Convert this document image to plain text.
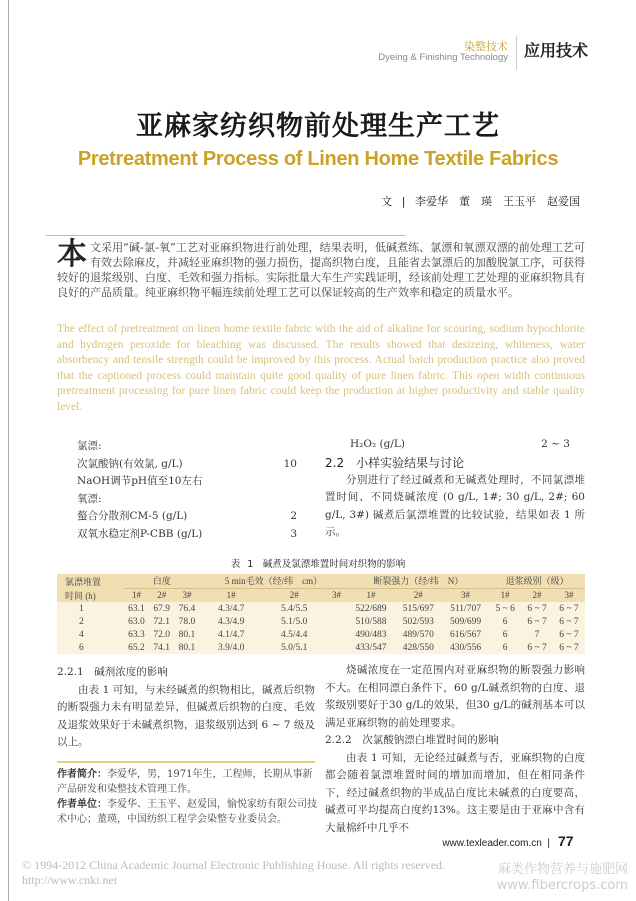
染整技术
Dyeing & Finishing Technology 应用技术
亚麻家纺织物前处理生产工艺
Pretreatment Process of Linen Home Textile Fabrics
文 | 李爱华　董　瑛　王玉平　赵爱国
本文采用“碱-氯-氧”工艺对亚麻织物进行前处理，结果表明，低碱煮练、氯漂和氧漂双漂的前处理工艺可有效去除麻皮，并减轻亚麻织物的强力损伤，提高织物白度，且能省去氯漂后的加酸脱氯工序，可获得较好的退浆级别、白度、毛效和强力指标。实际批量大车生产实践证明，经该前处理工艺处理的亚麻织物具有良好的产品质量。纯亚麻织物平幅连续前处理工艺可以保证较高的生产效率和稳定的质量水平。
The effect of pretreatment on linen home textile fabric with the aid of alkaline for scouring, sodium hypochlorite and hydrogen peroxide for bleaching was discussed. The results showed that desizeing, whiteness, water absorbency and tensile strength could be improved by this process. Actual batch production practice also proved that the captioned process could maintain quite good quality of pure linen fabric. This open width continuous pretreatment processing for pure linen fabric could keep the production at higher productivity and stable quality level.
氯漂:
次氯酸钠(有效氯, g/L)	10
NaOH调节pH值至10左右
氧漂:
螯合分散剂CM-5 (g/L)	2
双氧水稳定剂P-CBB (g/L)	3
H₂O₂ (g/L)	2 ~ 3
2.2　小样实验结果与讨论
分别进行了经过碱煮和无碱煮处理时，不同氯漂堆置时间、不同烧碱浓度 (0 g/L, 1#; 30 g/L, 2#; 60 g/L, 3#) 碱煮后氯漂堆置的比较试验，结果如表 1 所示。
表 1　碱煮及氯漂堆置时间对织物的影响
氯漂堆置	白度			5 min毛效（经/纬　cm）			断裂强力（经/纬　N）			退浆级别（级）		
时间 (h)	1#	2#	3#	1#	2#	3#	1#	2#	3#	1#	2#	3#
1	63.1	67.9	76.4	4.3/4.7	5.4/5.5		522/689	515/697	511/707	5 ~ 6	6 ~ 7	6 ~ 7
2	63.0	72.1	78.0	4.3/4.9	5.1/5.0		510/588	502/593	509/699	6	6 ~ 7	6 ~ 7
4	63.3	72.0	80.1	4.1/4.7	4.5/4.4		490/483	489/570	616/567	6	7	6 ~ 7
6	65.2	74.1	80.1	3.9/4.0	5.0/5.1		433/547	428/550	430/556	6	6 ~ 7	6 ~ 7
2.2.1　碱剂浓度的影响
由表 1 可知，与未经碱煮的织物相比，碱煮后织物的断裂强力未有明显差异，但碱煮后织物的白度、毛效及退浆效果好于未碱煮织物，退浆级别达到 6 ~ 7 级及以上。
烧碱浓度在一定范围内对亚麻织物的断裂强力影响不大。在相同漂白条件下，60 g/L碱煮织物的白度、退浆级别要好于30 g/L的效果，但30 g/L的碱剂基本可以满足亚麻织物的前处理要求。
2.2.2　次氯酸钠漂白堆置时间的影响
由表 1 可知，无论经过碱煮与否，亚麻织物的白度都会随着氯漂堆置时间的增加而增加，但在相同条件下，经过碱煮织物的半成品白度比未碱煮的白度要高，碱煮可平均提高白度约13%。这主要是由于亚麻中含有大量棉纤中几乎不
作者简介：李爱华，男，1971年生，工程师，长期从事新产品研发和染整技术管理工作。
作者单位：李爱华、王玉平、赵爱国，愉悦家纺有限公司技术中心；董瑛，中国纺织工程学会染整专业委员会。
www.texleader.com.cn | 77
© 1994-2012 China Academic Journal Electronic Publishing House. All rights reserved.　http://www.cnki.net
麻类作物营养与施肥网
www.fibercrops.com
